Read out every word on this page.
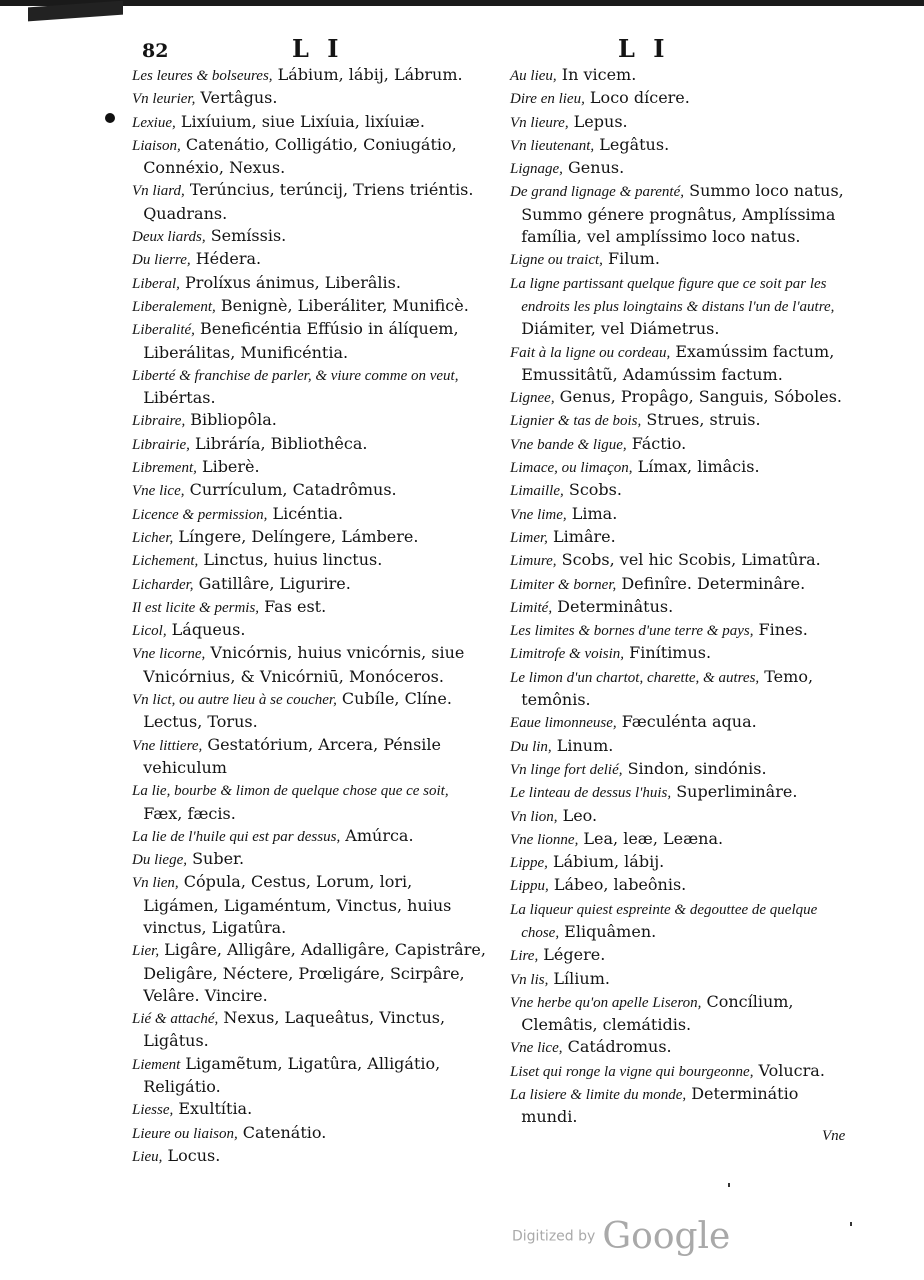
82	L I	L I

Les leures & bolseures, Lábium, lábij, Lábrum.

Vn leurier, Vertâgus.

Lexiue, Lixíuium, siue Lixíuia, lixíuiæ.

Liaison, Catenátio, Colligátio, Coniugátio, Connéxio, Nexus.

Vn liard, Terúncius, terúncij, Triens triéntis. Quadrans.

Deux liards, Semíssis.

Du lierre, Hédera.

Liberal, Prolíxus ánimus, Liberâlis.

Liberalement, Benignè, Liberáliter, Munificè.

Liberalité, Beneficéntia Effúsio in álíquem, Liberálitas, Munificéntia.

Liberté & franchise de parler, & viure comme on veut, Libértas.

Libraire, Bibliopôla.

Librairie, Libráría, Bibliothêca.

Librement, Liberè.

Vne lice, Currículum, Catadrômus.

Licence & permission, Licéntia.

Licher, Língere, Delíngere, Lámbere.

Lichement, Linctus, huius linctus.

Licharder, Gatillâre, Ligurire.

Il est licite & permis, Fas est.

Licol, Láqueus.

Vne licorne, Vnicórnis, huius vnicórnis, siue Vnicórnius, & Vnicórniū, Monóceros.

Vn lict, ou autre lieu à se coucher, Cubíle, Clíne. Lectus, Torus.

Vne littiere, Gestatórium, Arcera, Pénsile vehiculum

La lie, bourbe & limon de quelque chose que ce soit, Fæx, fæcis.

La lie de l'huile qui est par dessus, Amúrca.

Du liege, Suber.

Vn lien, Cópula, Cestus, Lorum, lori, Ligámen, Ligaméntum, Vinctus, huius vinctus, Ligatûra.

Lier, Ligâre, Alligâre, Adalligâre, Capistrâre, Deligâre, Néctere, Prœligáre, Scirpâre, Velâre. Vincire.

Lié & attaché, Nexus, Laqueâtus, Vinctus, Ligâtus.

Liement Ligamẽtum, Ligatûra, Alligátio, Religátio.

Liesse, Exultítia.

Lieure ou liaison, Catenátio.

Lieu, Locus.

Au lieu, In vicem.

Dire en lieu, Loco dícere.

Vn lieure, Lepus.

Vn lieutenant, Legâtus.

Lignage, Genus.

De grand lignage & parenté, Summo loco natus, Summo génere prognâtus, Amplíssima família, vel amplíssimo loco natus.

Ligne ou traict, Filum.

La ligne partissant quelque figure que ce soit par les endroits les plus loingtains & distans l'un de l'autre, Diámiter, vel Diámetrus.

Fait à la ligne ou cordeau, Examússim factum, Emussitâtũ, Adamússim factum.

Lignee, Genus, Propâgo, Sanguis, Sóboles.

Lignier & tas de bois, Strues, struis.

Vne bande & ligue, Fáctio.

Limace, ou limaçon, Límax, limâcis.

Limaille, Scobs.

Vne lime, Lima.

Limer, Limâre.

Limure, Scobs, vel hic Scobis, Limatûra.

Limiter & borner, Definîre. Determinâre.

Limité, Determinâtus.

Les limites & bornes d'une terre & pays, Fines.

Limitrofe & voisin, Finítimus.

Le limon d'un chartot, charette, & autres, Temo, temônis.

Eaue limonneuse, Fæculénta aqua.

Du lin, Linum.

Vn linge fort delié, Sindon, sindónis.

Le linteau de dessus l'huis, Superliminâre.

Vn lion, Leo.

Vne lionne, Lea, leæ, Leæna.

Lippe, Lábium, lábij.

Lippu, Lábeo, labeônis.

La liqueur quiest espreinte & degouttee de quelque chose, Eliquâmen.

Lire, Légere.

Vn lis, Lílium.

Vne herbe qu'on apelle Liseron, Concílium, Clemâtis, clemátidis.

Vne lice, Catádromus.

Liset qui ronge la vigne qui bourgeonne, Volucra.

La lisiere & limite du monde, Determinátio mundi.

Vne
Digitized by Google
